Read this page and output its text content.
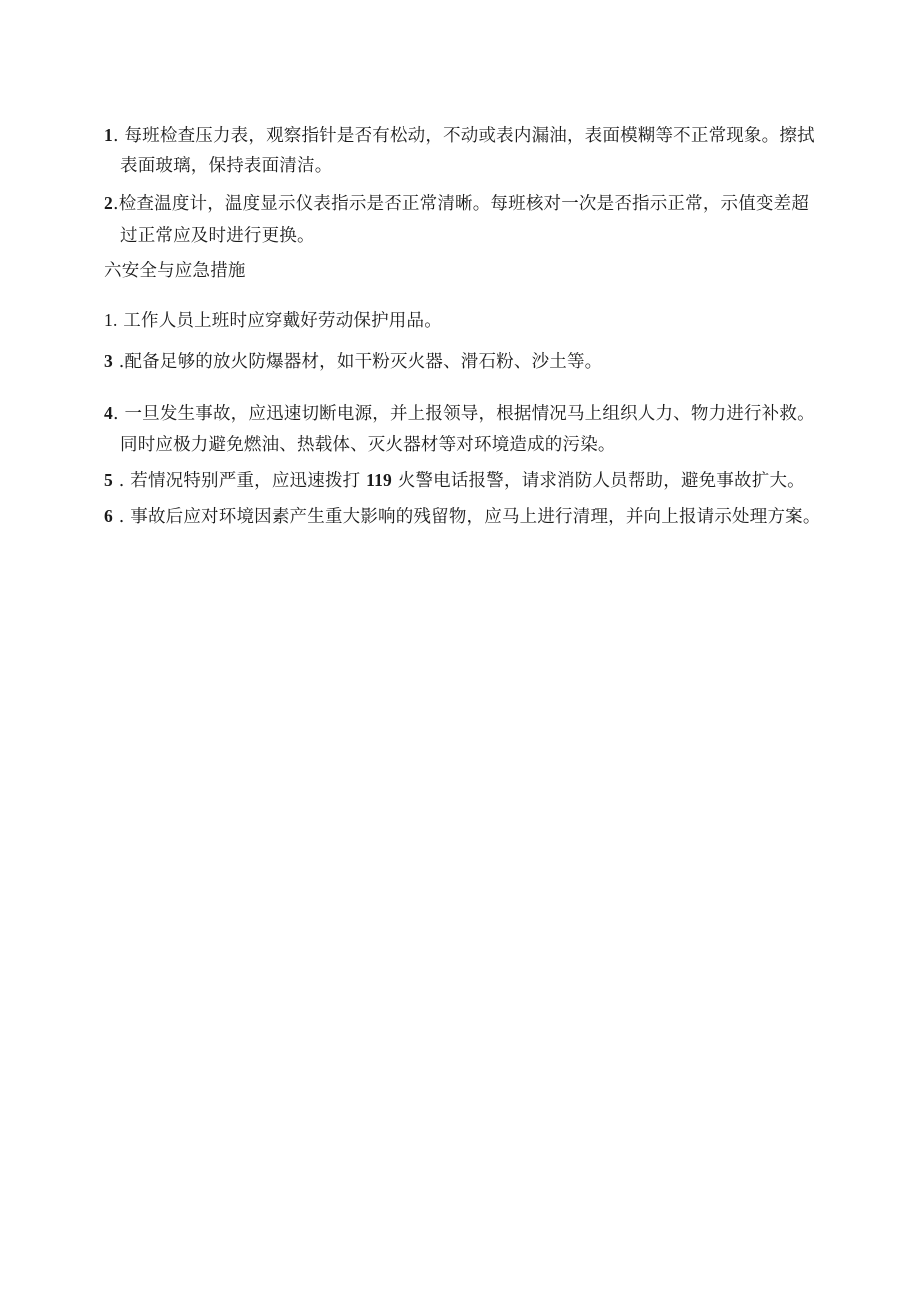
1. 每班检查压力表，观察指针是否有松动，不动或表内漏油，表面模糊等不正常现象。擦拭
表面玻璃，保持表面清洁。
2.检查温度计，温度显示仪表指示是否正常清晰。每班核对一次是否指示正常，示值变差超
过正常应及时进行更换。
六安全与应急措施
1. 工作人员上班时应穿戴好劳动保护用品。
3 .配备足够的放火防爆器材，如干粉灭火器、滑石粉、沙土等。
4. 一旦发生事故，应迅速切断电源，并上报领导，根据情况马上组织人力、物力进行补救。
同时应极力避免燃油、热载体、灭火器材等对环境造成的污染。
5 . 若情况特别严重，应迅速拨打 119 火警电话报警，请求消防人员帮助，避免事故扩大。
6 . 事故后应对环境因素产生重大影响的残留物，应马上进行清理，并向上报请示处理方案。
